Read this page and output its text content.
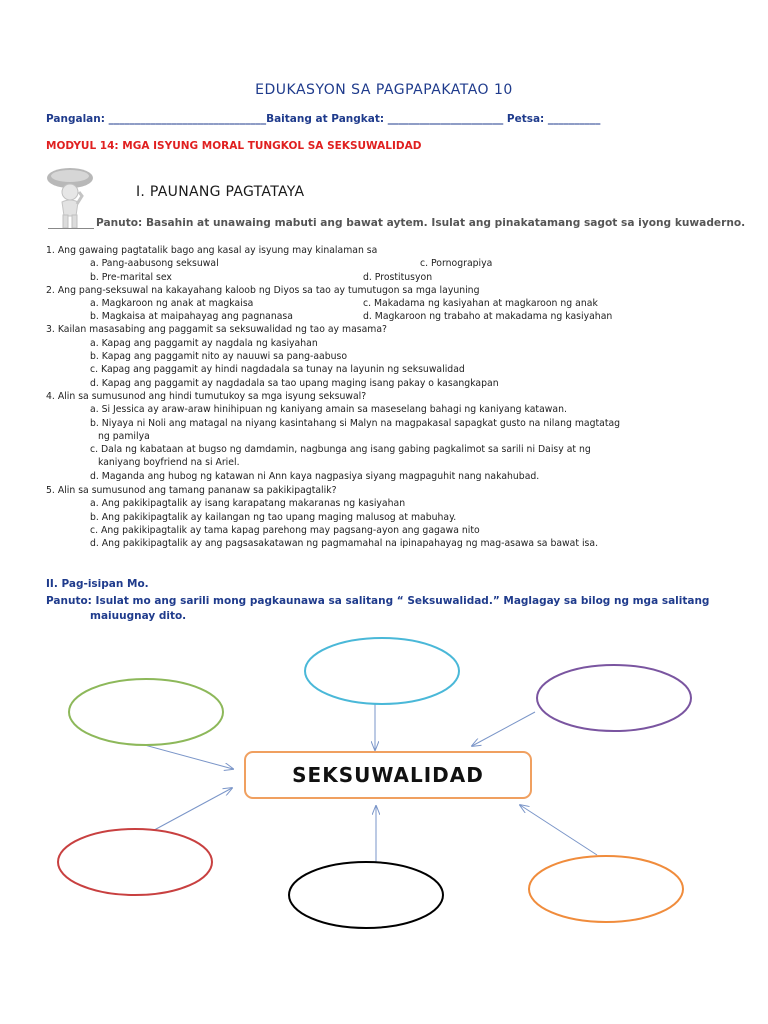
EDUKASYON SA PAGPAPAKATAO 10
Pangalan: ______________________________Baitang at Pangkat: ______________________ Petsa: __________
MODYUL 14: MGA ISYUNG MORAL TUNGKOL SA SEKSUWALIDAD
I. PAUNANG PAGTATAYA
Panuto: Basahin at unawaing mabuti ang bawat aytem. Isulat ang pinakatamang sagot sa iyong kuwaderno.
1. Ang gawaing pagtatalik bago ang kasal ay isyung may kinalaman sa
a. Pang-aabusong seksuwal
b. Pre-marital sex
c. Pornograpiya
d. Prostitusyon
2. Ang pang-seksuwal na kakayahang kaloob ng Diyos sa tao ay tumutugon sa mga layuning
a. Magkaroon ng anak at magkaisa
b. Magkaisa at maipahayag ang pagnanasa
c. Makadama ng kasiyahan at magkaroon ng anak
d. Magkaroon ng trabaho at makadama ng kasiyahan
3. Kailan masasabing ang paggamit sa seksuwalidad ng tao ay masama?
a. Kapag ang paggamit ay nagdala ng kasiyahan
b. Kapag ang paggamit nito ay nauuwi sa pang-aabuso
c. Kapag ang paggamit ay hindi nagdadala sa tunay na layunin ng seksuwalidad
d. Kapag ang paggamit ay nagdadala sa tao upang maging isang pakay o kasangkapan
4. Alin sa sumusunod ang hindi tumutukoy sa mga isyung seksuwal?
a. Si Jessica ay araw-araw hinihipuan ng kaniyang amain sa maseselang bahagi ng kaniyang katawan.
b. Niyaya ni Noli ang matagal na niyang kasintahang si Malyn na magpakasal sapagkat gusto na nilang magtatag
ng pamilya
c. Dala ng kabataan at bugso ng damdamin, nagbunga ang isang gabing pagkalimot sa sarili ni Daisy at ng
kaniyang boyfriend na si Ariel.
d. Maganda ang hubog ng katawan ni Ann kaya nagpasiya siyang magpaguhit nang nakahubad.
5. Alin sa sumusunod ang tamang pananaw sa pakikipagtalik?
a. Ang pakikipagtalik ay isang karapatang makaranas ng kasiyahan
b. Ang pakikipagtalik ay kailangan ng tao upang maging malusog at mabuhay.
c. Ang pakikipagtalik ay tama kapag parehong may pagsang-ayon ang gagawa nito
d. Ang pakikipagtalik ay ang pagsasakatawan ng pagmamahal na ipinapahayag ng mag-asawa sa bawat isa.
II. Pag-isipan Mo.
Panuto: Isulat mo ang sarili mong pagkaunawa sa salitang “ Seksuwalidad.” Maglagay sa bilog ng mga salitang
maiuugnay dito.
SEKSUWALIDAD
